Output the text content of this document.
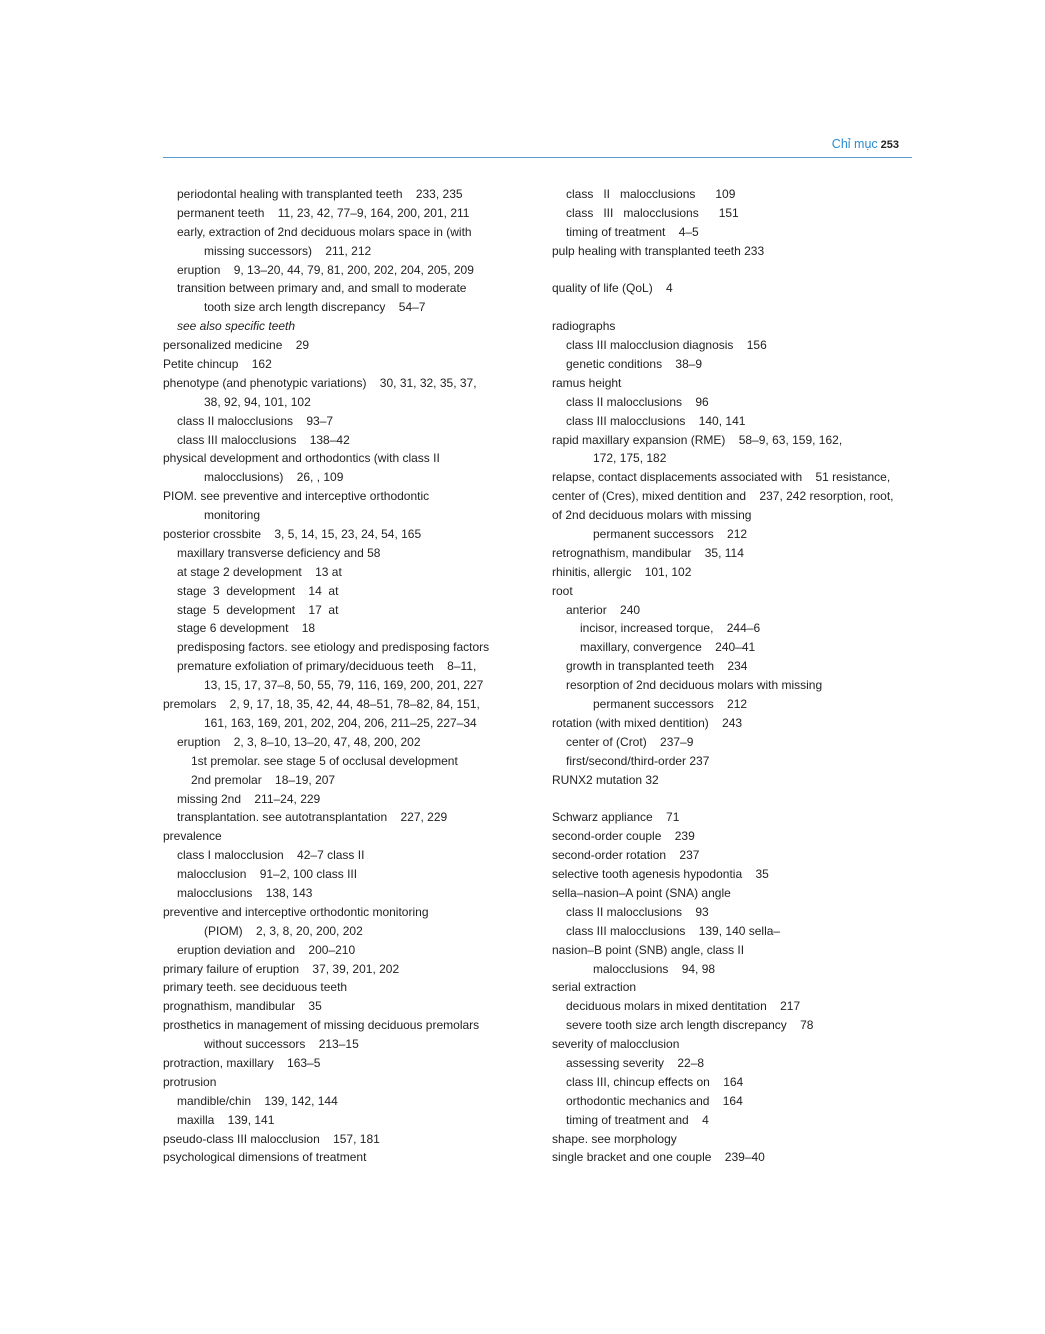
Chỉ mục 253
periodontal healing with transplanted teeth    233, 235
permanent teeth    11, 23, 42, 77–9, 164, 200, 201, 211
early, extraction of 2nd deciduous molars space in (with
missing successors)    211, 212
eruption    9, 13–20, 44, 79, 81, 200, 202, 204, 205, 209
transition between primary and, and small to moderate
tooth size arch length discrepancy    54–7
see also specific teeth
personalized medicine    29
Petite chincup    162
phenotype (and phenotypic variations)    30, 31, 32, 35, 37,
38, 92, 94, 101, 102
class II malocclusions    93–7
class III malocclusions    138–42
physical development and orthodontics (with class II
malocclusions)    26, , 109
PIOM. see preventive and interceptive orthodontic
monitoring
posterior crossbite    3, 5, 14, 15, 23, 24, 54, 165
maxillary transverse deficiency and 58
at stage 2 development    13 at
stage  3  development    14  at
stage  5  development    17  at
stage 6 development    18
predisposing factors. see etiology and predisposing factors
premature exfoliation of primary/deciduous teeth    8–11,
13, 15, 17, 37–8, 50, 55, 79, 116, 169, 200, 201, 227
premolars    2, 9, 17, 18, 35, 42, 44, 48–51, 78–82, 84, 151,
161, 163, 169, 201, 202, 204, 206, 211–25, 227–34
eruption    2, 3, 8–10, 13–20, 47, 48, 200, 202
1st premolar. see stage 5 of occlusal development
2nd premolar    18–19, 207
missing 2nd    211–24, 229
transplantation. see autotransplantation    227, 229
prevalence
class I malocclusion    42–7 class II
malocclusion    91–2, 100 class III
malocclusions    138, 143
preventive and interceptive orthodontic monitoring
(PIOM)    2, 3, 8, 20, 200, 202
eruption deviation and    200–210
primary failure of eruption    37, 39, 201, 202
primary teeth. see deciduous teeth
prognathism, mandibular    35
prosthetics in management of missing deciduous premolars
without successors    213–15
protraction, maxillary    163–5
protrusion
mandible/chin    139, 142, 144
maxilla    139, 141
pseudo-class III malocclusion    157, 181
psychological dimensions of treatment
class   II   malocclusions      109
class   III   malocclusions      151
timing of treatment    4–5
pulp healing with transplanted teeth 233
quality of life (QoL)    4
radiographs
class III malocclusion diagnosis    156
genetic conditions    38–9
ramus height
class II malocclusions    96
class III malocclusions    140, 141
rapid maxillary expansion (RME)    58–9, 63, 159, 162,
172, 175, 182
relapse, contact displacements associated with    51 resistance,
center of (Cres), mixed dentition and    237, 242 resorption, root,
of 2nd deciduous molars with missing
permanent successors    212
retrognathism, mandibular    35, 114
rhinitis, allergic    101, 102
root
anterior    240
incisor, increased torque,    244–6
maxillary, convergence    240–41
growth in transplanted teeth    234
resorption of 2nd deciduous molars with missing
permanent successors    212
rotation (with mixed dentition)    243
center of (Crot)    237–9
first/second/third-order 237
RUNX2 mutation 32
Schwarz appliance    71
second-order couple    239
second-order rotation    237
selective tooth agenesis hypodontia    35
sella–nasion–A point (SNA) angle
class II malocclusions    93
class III malocclusions    139, 140 sella–
nasion–B point (SNB) angle, class II
malocclusions    94, 98
serial extraction
deciduous molars in mixed dentitation    217
severe tooth size arch length discrepancy    78
severity of malocclusion
assessing severity    22–8
class III, chincup effects on    164
orthodontic mechanics and    164
timing of treatment and    4
shape. see morphology
single bracket and one couple    239–40
